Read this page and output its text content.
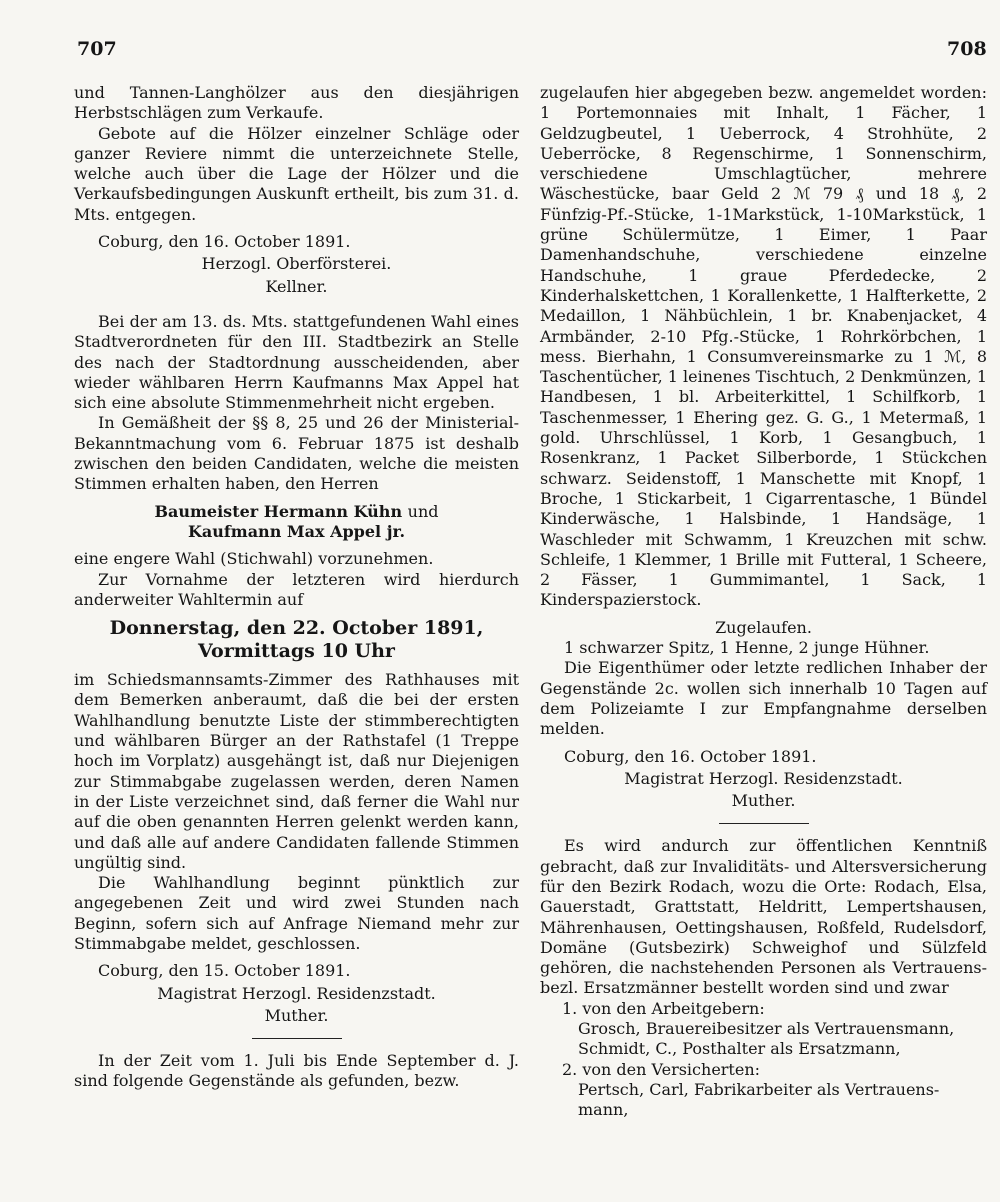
707	708

und Tannen-Langhölzer aus den diesjährigen Herbstschlägen zum Verkaufe.

Gebote auf die Hölzer einzelner Schläge oder ganzer Reviere nimmt die unterzeichnete Stelle, welche auch über die Lage der Hölzer und die Verkaufsbedingungen Auskunft ertheilt, bis zum 31. d. Mts. entgegen.

Coburg, den 16. October 1891.

Herzogl. Oberförsterei.

Kellner.

Bei der am 13. ds. Mts. stattgefundenen Wahl eines Stadtverordneten für den III. Stadtbezirk an Stelle des nach der Stadtordnung ausscheidenden, aber wieder wählbaren Herrn Kaufmanns Max Appel hat sich eine absolute Stimmenmehrheit nicht ergeben.

In Gemäßheit der §§ 8, 25 und 26 der Ministerial-Bekanntmachung vom 6. Februar 1875 ist deshalb zwischen den beiden Candidaten, welche die meisten Stimmen erhalten haben, den Herren

Baumeister Hermann Kühn und

Kaufmann Max Appel jr.

eine engere Wahl (Stichwahl) vorzunehmen.

Zur Vornahme der letzteren wird hierdurch anderweiter Wahltermin auf

Donnerstag, den 22. October 1891,

Vormittags 10 Uhr

im Schiedsmannsamts-Zimmer des Rathhauses mit dem Bemerken anberaumt, daß die bei der ersten Wahlhandlung benutzte Liste der stimmberechtigten und wählbaren Bürger an der Rathstafel (1 Treppe hoch im Vorplatz) ausgehängt ist, daß nur Diejenigen zur Stimmabgabe zugelassen werden, deren Namen in der Liste verzeichnet sind, daß ferner die Wahl nur auf die oben genannten Herren gelenkt werden kann, und daß alle auf andere Candidaten fallende Stimmen ungültig sind.

Die Wahlhandlung beginnt pünktlich zur angegebenen Zeit und wird zwei Stunden nach Beginn, sofern sich auf Anfrage Niemand mehr zur Stimmabgabe meldet, geschlossen.

Coburg, den 15. October 1891.

Magistrat Herzogl. Residenzstadt.

Muther.

In der Zeit vom 1. Juli bis Ende September d. J. sind folgende Gegenstände als gefunden, bezw.

zugelaufen hier abgegeben bezw. angemeldet worden: 1 Portemonnaies mit Inhalt, 1 Fächer, 1 Geldzugbeutel, 1 Ueberrock, 4 Strohhüte, 2 Ueberröcke, 8 Regenschirme, 1 Sonnenschirm, verschiedene Umschlagtücher, mehrere Wäschestücke, baar Geld 2 ℳ 79 ₰ und 18 ₰, 2 Fünfzig-Pf.-Stücke, 1-1Markstück, 1-10Markstück, 1 grüne Schülermütze, 1 Eimer, 1 Paar Damenhandschuhe, verschiedene einzelne Handschuhe, 1 graue Pferdedecke, 2 Kinderhalskettchen, 1 Korallenkette, 1 Halfterkette, 2 Medaillon, 1 Nähbüchlein, 1 br. Knabenjacket, 4 Armbänder, 2-10 Pfg.-Stücke, 1 Rohrkörbchen, 1 mess. Bierhahn, 1 Consumvereinsmarke zu 1 ℳ, 8 Taschentücher, 1 leinenes Tischtuch, 2 Denkmünzen, 1 Handbesen, 1 bl. Arbeiterkittel, 1 Schilfkorb, 1 Taschenmesser, 1 Ehering gez. G. G., 1 Metermaß, 1 gold. Uhrschlüssel, 1 Korb, 1 Gesangbuch, 1 Rosenkranz, 1 Packet Silberborde, 1 Stückchen schwarz. Seidenstoff, 1 Manschette mit Knopf, 1 Broche, 1 Stickarbeit, 1 Cigarrentasche, 1 Bündel Kinderwäsche, 1 Halsbinde, 1 Handsäge, 1 Waschleder mit Schwamm, 1 Kreuzchen mit schw. Schleife, 1 Klemmer, 1 Brille mit Futteral, 1 Scheere, 2 Fässer, 1 Gummimantel, 1 Sack, 1 Kinderspazierstock.

Zugelaufen.

1 schwarzer Spitz, 1 Henne, 2 junge Hühner.

Die Eigenthümer oder letzte redlichen Inhaber der Gegenstände 2c. wollen sich innerhalb 10 Tagen auf dem Polizeiamte I zur Empfangnahme derselben melden.

Coburg, den 16. October 1891.

Magistrat Herzogl. Residenzstadt.

Muther.

Es wird andurch zur öffentlichen Kenntniß gebracht, daß zur Invaliditäts- und Altersversicherung für den Bezirk Rodach, wozu die Orte: Rodach, Elsa, Gauerstadt, Grattstatt, Heldritt, Lempertshausen, Mährenhausen, Oettingshausen, Roßfeld, Rudelsdorf, Domäne (Gutsbezirk) Schweighof und Sülzfeld gehören, die nachstehenden Personen als Vertrauens- bezl. Ersatzmänner bestellt worden sind und zwar

1. von den Arbeitgebern:

Grosch, Brauereibesitzer als Vertrauensmann,

Schmidt, C., Posthalter als Ersatzmann,

2. von den Versicherten:

Pertsch, Carl, Fabrikarbeiter als Vertrauens-

mann,
